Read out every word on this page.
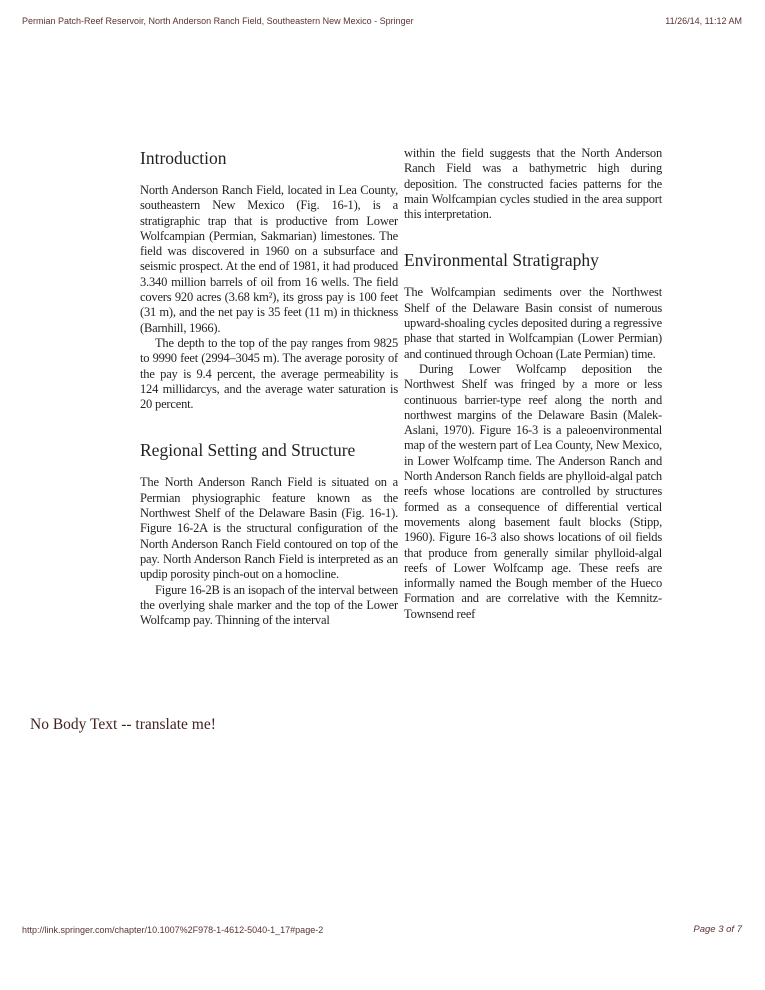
Permian Patch-Reef Reservoir, North Anderson Ranch Field, Southeastern New Mexico - Springer	11/26/14, 11:12 AM
Introduction

North Anderson Ranch Field, located in Lea County, southeastern New Mexico (Fig. 16-1), is a stratigraphic trap that is productive from Lower Wolfcampian (Permian, Sakmarian) limestones. The field was discovered in 1960 on a subsurface and seismic prospect. At the end of 1981, it had produced 3.340 million barrels of oil from 16 wells. The field covers 920 acres (3.68 km²), its gross pay is 100 feet (31 m), and the net pay is 35 feet (11 m) in thickness (Barnhill, 1966).

The depth to the top of the pay ranges from 9825 to 9990 feet (2994–3045 m). The average porosity of the pay is 9.4 percent, the average permeability is 124 millidarcys, and the average water saturation is 20 percent.

Regional Setting and Structure

The North Anderson Ranch Field is situated on a Permian physiographic feature known as the Northwest Shelf of the Delaware Basin (Fig. 16-1). Figure 16-2A is the structural configuration of the North Anderson Ranch Field contoured on top of the pay. North Anderson Ranch Field is interpreted as an updip porosity pinch-out on a homocline.

Figure 16-2B is an isopach of the interval between the overlying shale marker and the top of the Lower Wolfcamp pay. Thinning of the interval

within the field suggests that the North Anderson Ranch Field was a bathymetric high during deposition. The constructed facies patterns for the main Wolfcampian cycles studied in the area support this interpretation.

Environmental Stratigraphy

The Wolfcampian sediments over the Northwest Shelf of the Delaware Basin consist of numerous upward-shoaling cycles deposited during a regressive phase that started in Wolfcampian (Lower Permian) and continued through Ochoan (Late Permian) time.

During Lower Wolfcamp deposition the Northwest Shelf was fringed by a more or less continuous barrier-type reef along the north and northwest margins of the Delaware Basin (Malek-Aslani, 1970). Figure 16-3 is a paleoenvironmental map of the western part of Lea County, New Mexico, in Lower Wolfcamp time. The Anderson Ranch and North Anderson Ranch fields are phylloid-algal patch reefs whose locations are controlled by structures formed as a consequence of differential vertical movements along basement fault blocks (Stipp, 1960). Figure 16-3 also shows locations of oil fields that produce from generally similar phylloid-algal reefs of Lower Wolfcamp age. These reefs are informally named the Bough member of the Hueco Formation and are correlative with the Kemnitz-Townsend reef

No Body Text -- translate me!
http://link.springer.com/chapter/10.1007%2F978-1-4612-5040-1_17#page-2	Page 3 of 7
